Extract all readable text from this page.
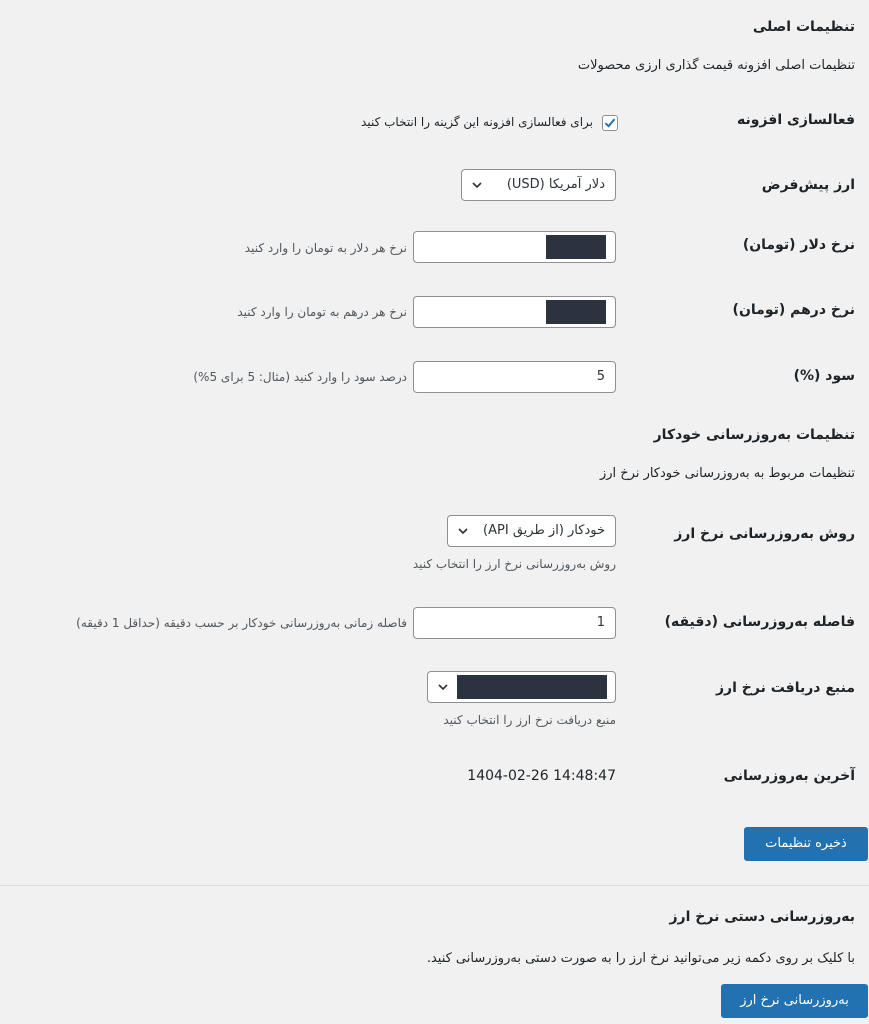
تنظیمات اصلی
تنظیمات اصلی افزونه قیمت گذاری ارزی محصولات
فعالسازی افزونه
برای فعالسازی افزونه این گزینه را انتخاب کنید
ارز پیش‌فرض
دلار آمریکا (USD)
نرخ دلار (تومان)
نرخ هر دلار به تومان را وارد کنید
نرخ درهم (تومان)
نرخ هر درهم به تومان را وارد کنید
سود (%)
5
درصد سود را وارد کنید (مثال: 5 برای 5%)
تنظیمات به‌روزرسانی خودکار
تنظیمات مربوط به به‌روزرسانی خودکار نرخ ارز
روش به‌روزرسانی نرخ ارز
خودکار (از طریق API)
روش به‌روزرسانی نرخ ارز را انتخاب کنید
فاصله به‌روزرسانی (دقیقه)
1
فاصله زمانی به‌روزرسانی خودکار بر حسب دقیقه (حداقل 1 دقیقه)
منبع دریافت نرخ ارز
منبع دریافت نرخ ارز را انتخاب کنید
آخرین به‌روزرسانی
1404-02-26 14:48:47
ذخیره تنظیمات
به‌روزرسانی دستی نرخ ارز
با کلیک بر روی دکمه زیر می‌توانید نرخ ارز را به صورت دستی به‌روزرسانی کنید.
به‌روزرسانی نرخ ارز
